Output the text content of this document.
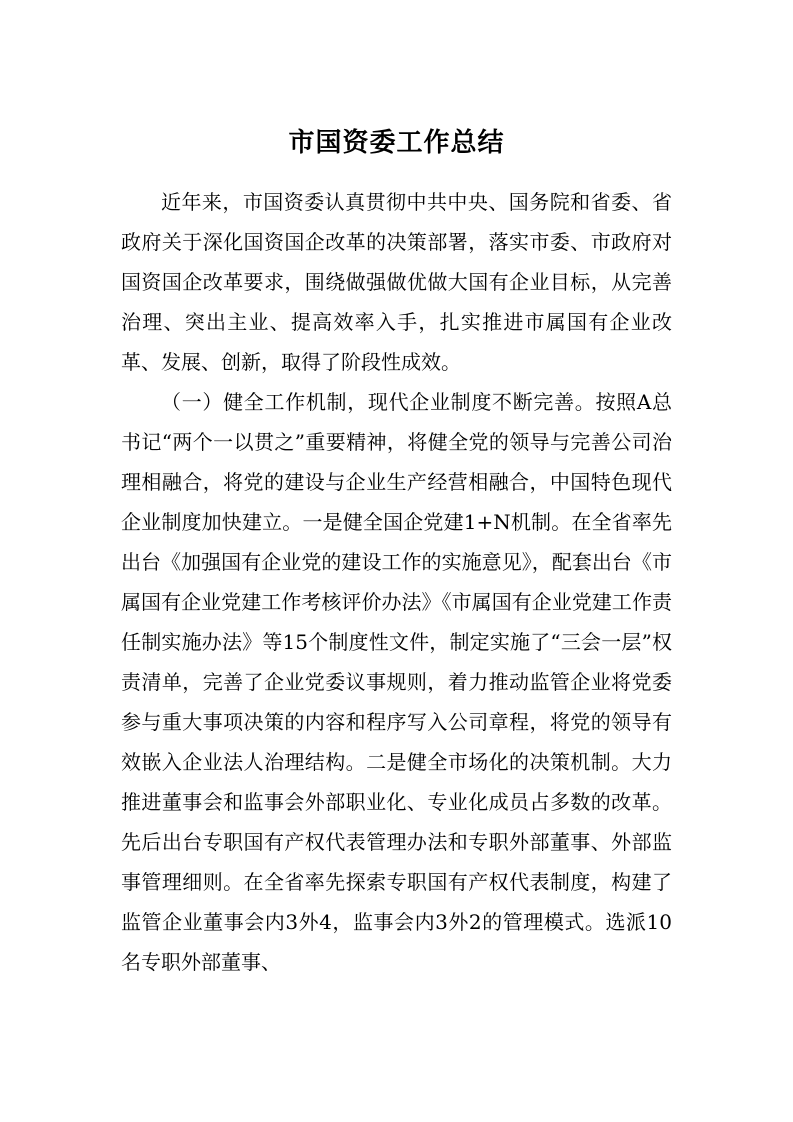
市国资委工作总结

近年来，市国资委认真贯彻中共中央、国务院和省委、省政府关于深化国资国企改革的决策部署，落实市委、市政府对国资国企改革要求，围绕做强做优做大国有企业目标，从完善治理、突出主业、提高效率入手，扎实推进市属国有企业改革、发展、创新，取得了阶段性成效。

（一）健全工作机制，现代企业制度不断完善。按照A总书记“两个一以贯之”重要精神，将健全党的领导与完善公司治理相融合，将党的建设与企业生产经营相融合，中国特色现代企业制度加快建立。一是健全国企党建1+N机制。在全省率先出台《加强国有企业党的建设工作的实施意见》，配套出台《市属国有企业党建工作考核评价办法》《市属国有企业党建工作责任制实施办法》等15个制度性文件，制定实施了“三会一层”权责清单，完善了企业党委议事规则，着力推动监管企业将党委参与重大事项决策的内容和程序写入公司章程，将党的领导有效嵌入企业法人治理结构。二是健全市场化的决策机制。大力推进董事会和监事会外部职业化、专业化成员占多数的改革。先后出台专职国有产权代表管理办法和专职外部董事、外部监事管理细则。在全省率先探索专职国有产权代表制度，构建了监管企业董事会内3外4，监事会内3外2的管理模式。选派10名专职外部董事、
